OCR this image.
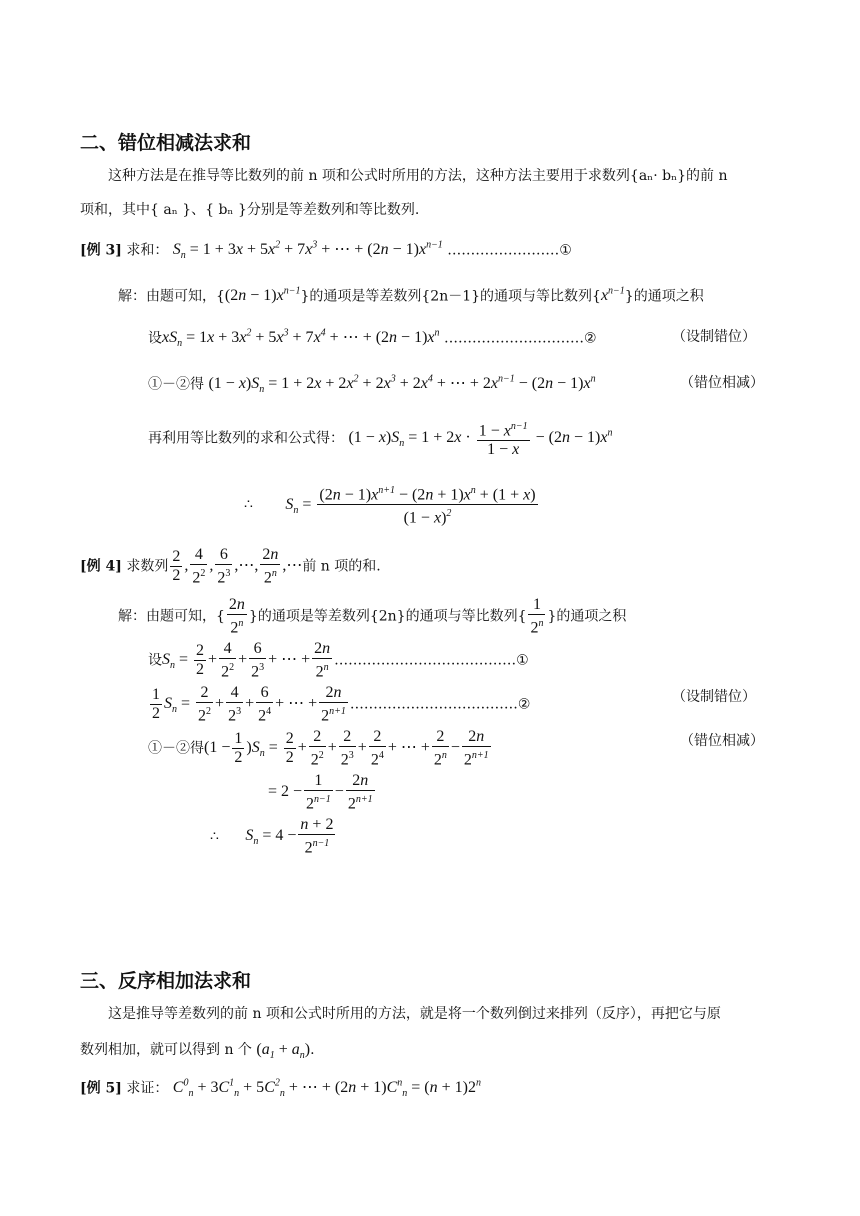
二、错位相减法求和
这种方法是在推导等比数列的前 n 项和公式时所用的方法，这种方法主要用于求数列{aₙ· bₙ}的前 n
项和，其中{ aₙ }、{ bₙ }分别是等差数列和等比数列.
[例 3] 求和： $S_n = 1 + 3x + 5x^2 + 7x^3$ + ⋯ + $(2n - 1)x^{n-1}$ ……………………①
解：由题可知，$\{(2n - 1)x^{n-1}\}$的通项是等差数列{2n－1}的通项与等比数列$\{x^{n-1}\}$的通项之积
设$xS_n = 1x + 3x^2 + 5x^3 + 7x^4$ + ⋯ + $(2n - 1)x^n$ …………………………②	（设制错位）
①－②得 $(1 - x)S_n = 1 + 2x + 2x^2 + 2x^3 + 2x^4$ + ⋯ + $2x^{n-1} - (2n - 1)x^n$	（错位相减）
再利用等比数列的求和公式得： $(1 - x)S_n = 1 + 2x \cdot \frac{1 - x^{n-1}}{1 - x} - (2n - 1)x^n$
∴ $S_n = \frac{(2n - 1)x^{n+1} - (2n + 1)x^n + (1 + x)}{(1 - x)^2}$
[例 4] 求数列 $\frac{2}{2}$ , $\frac{4}{2^2}$ , $\frac{6}{2^3}$ ,⋯, $\frac{2n}{2^n}$ ,⋯前 n 项的和.
解：由题可知，{ $\frac{2n}{2^n}$ }的通项是等差数列{2n}的通项与等比数列{ $\frac{1}{2^n}$ }的通项之积
设$S_n = \frac{2}{2} + \frac{4}{2^2} + \frac{6}{2^3}$ + ⋯ + $\frac{2n}{2^n}$ …………………………………①
$\frac{1}{2} S_n = \frac{2}{2^2} + \frac{4}{2^3} + \frac{6}{2^4}$ + ⋯ + $\frac{2n}{2^{n+1}}$ ………………………………②	（设制错位）
①－②得$(1 - \frac{1}{2} )S_n = \frac{2}{2} + \frac{2}{2^2} + \frac{2}{2^3} + \frac{2}{2^4}$ + ⋯ + $\frac{2}{2^n} - \frac{2n}{2^{n+1}}$	（错位相减）
= $2 - \frac{1}{2^{n-1}} - \frac{2n}{2^{n+1}}$
∴ $S_n = 4 - \frac{n + 2}{2^{n-1}}$
三、反序相加法求和
这是推导等差数列的前 n 项和公式时所用的方法，就是将一个数列倒过来排列（反序），再把它与原
数列相加，就可以得到 n 个 $(a_1 + a_n)$.
[例 5] 求证： $C^0_n + 3C^1_n + 5C^2_n$ + ⋯ + $(2n + 1)C^n_n = (n + 1)2^n$
